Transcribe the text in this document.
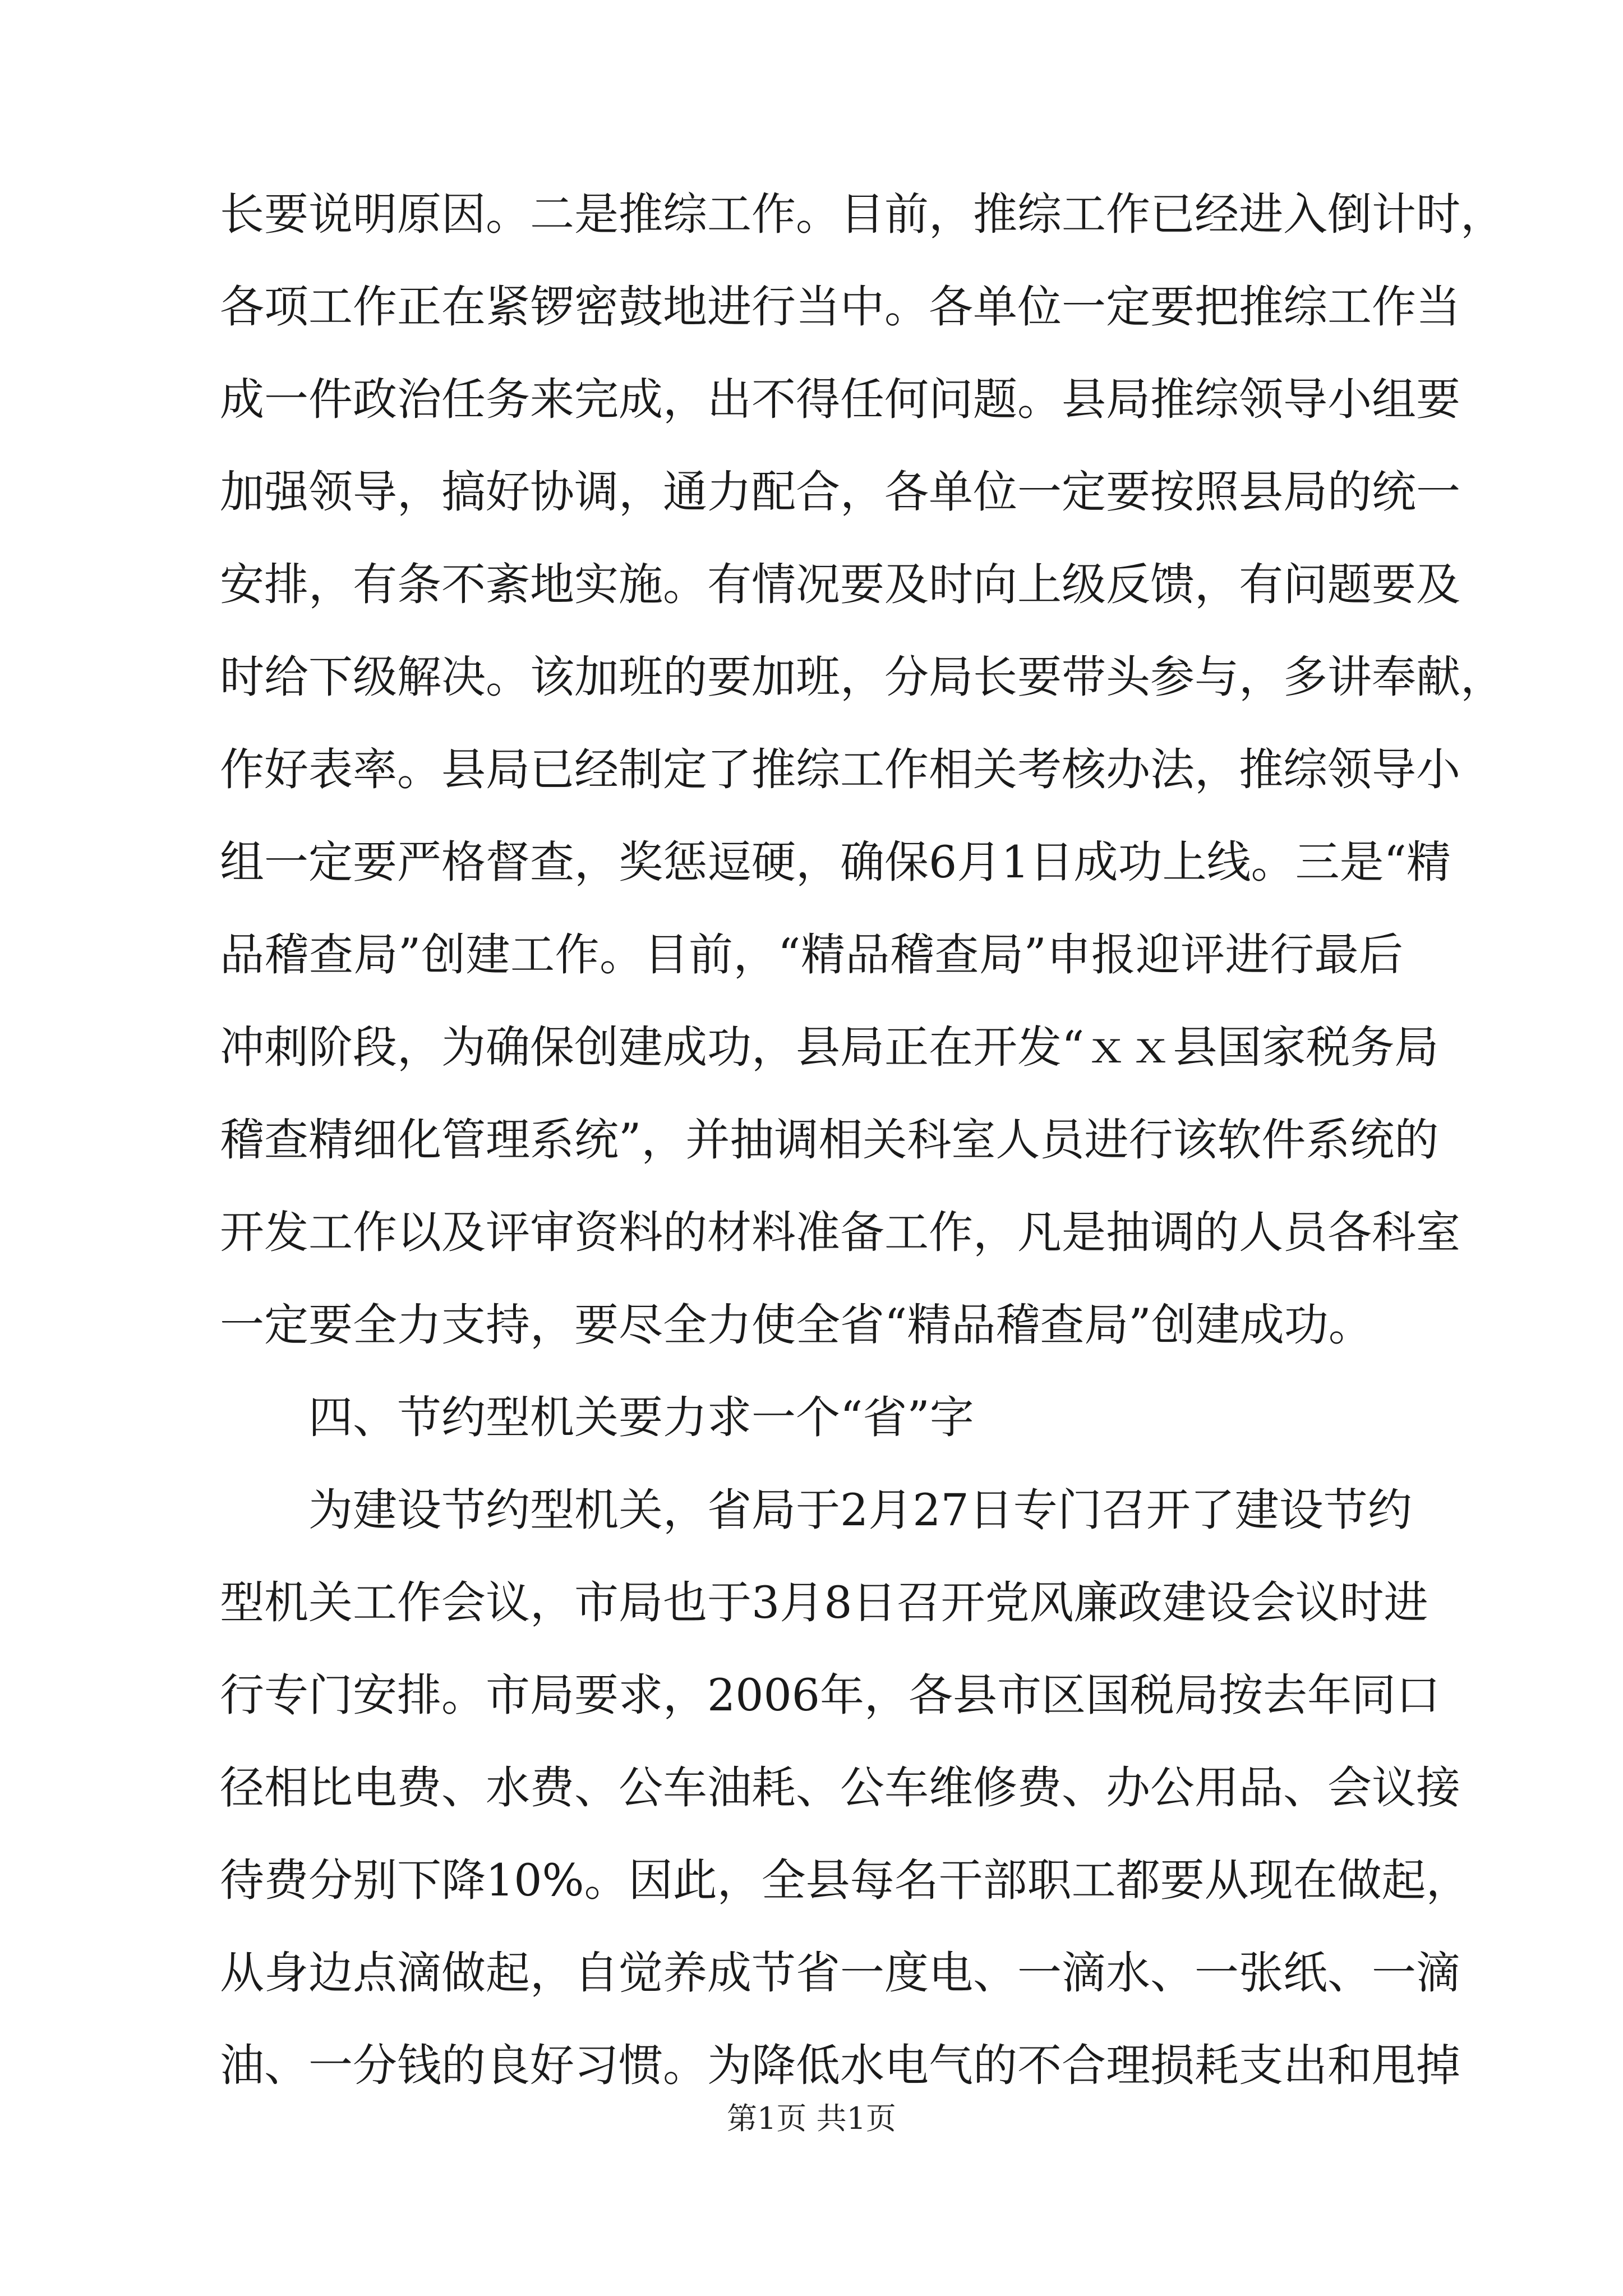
长要说明原因。二是推综工作。目前，推综工作已经进入倒计时，
各项工作正在紧锣密鼓地进行当中。各单位一定要把推综工作当
成一件政治任务来完成，出不得任何问题。县局推综领导小组要
加强领导，搞好协调，通力配合，各单位一定要按照县局的统一
安排，有条不紊地实施。有情况要及时向上级反馈，有问题要及
时给下级解决。该加班的要加班，分局长要带头参与，多讲奉献，
作好表率。县局已经制定了推综工作相关考核办法，推综领导小
组一定要严格督查，奖惩逗硬，确保6月1日成功上线。三是“精
品稽查局”创建工作。目前，“精品稽查局”申报迎评进行最后
冲刺阶段，为确保创建成功，县局正在开发“ｘｘ县国家税务局
稽查精细化管理系统”，并抽调相关科室人员进行该软件系统的
开发工作以及评审资料的材料准备工作，凡是抽调的人员各科室
一定要全力支持，要尽全力使全省“精品稽查局”创建成功。
四、节约型机关要力求一个“省”字
为建设节约型机关，省局于2月27日专门召开了建设节约
型机关工作会议，市局也于3月8日召开党风廉政建设会议时进
行专门安排。市局要求，2006年，各县市区国税局按去年同口
径相比电费、水费、公车油耗、公车维修费、办公用品、会议接
待费分别下降10%。因此，全县每名干部职工都要从现在做起，
从身边点滴做起，自觉养成节省一度电、一滴水、一张纸、一滴
油、一分钱的良好习惯。为降低水电气的不合理损耗支出和甩掉
第1页 共1页
